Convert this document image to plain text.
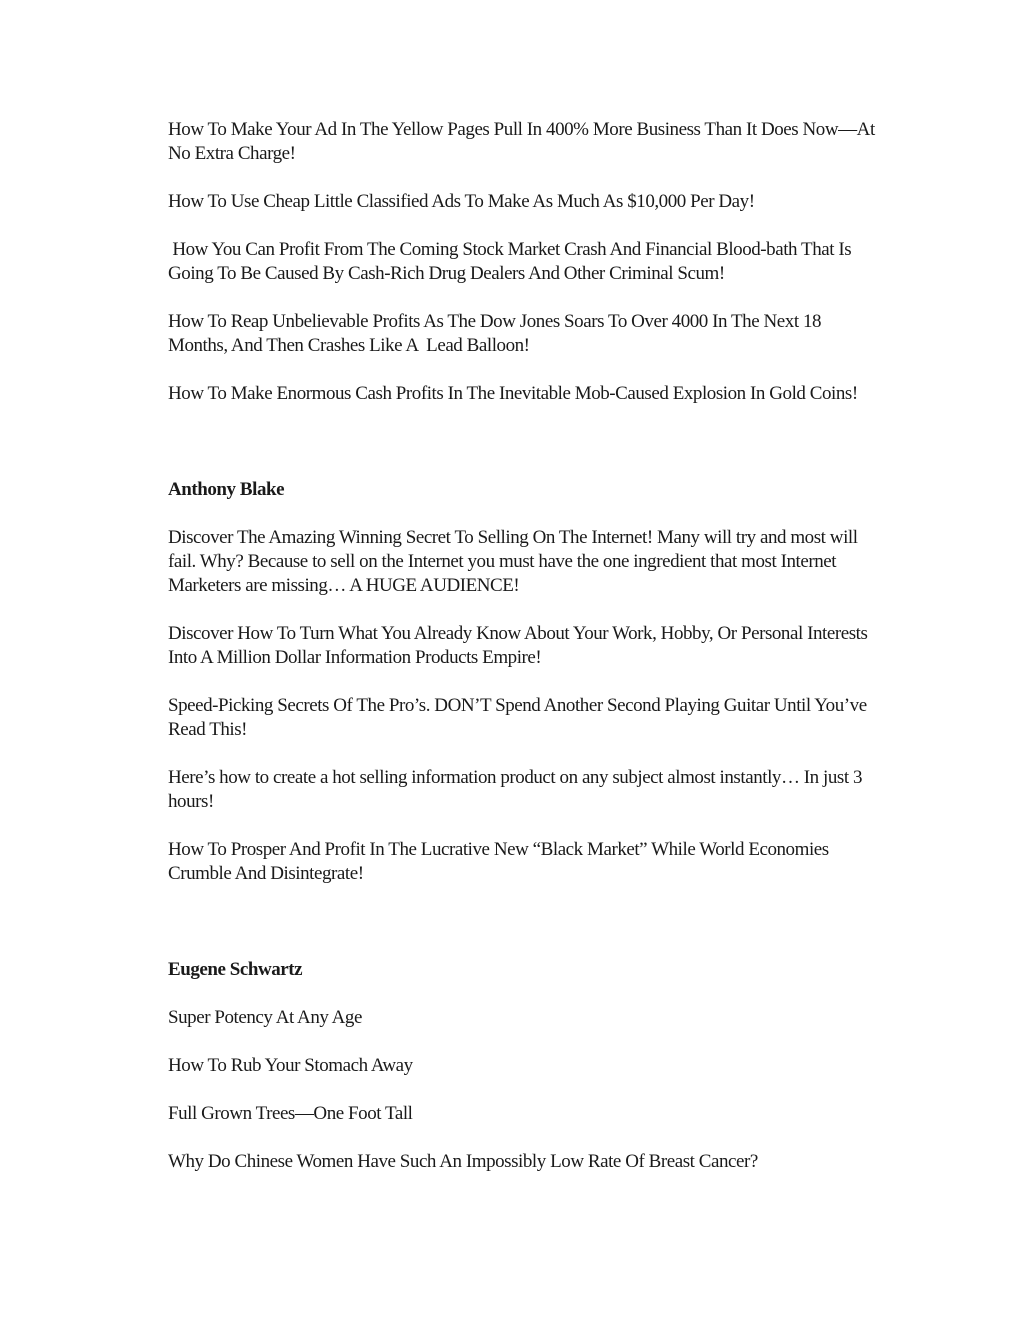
How To Make Your Ad In The Yellow Pages Pull In 400% More Business Than It Does Now—At No Extra Charge!

How To Use Cheap Little Classified Ads To Make As Much As $10,000 Per Day!

How You Can Profit From The Coming Stock Market Crash And Financial Blood-bath That Is Going To Be Caused By Cash-Rich Drug Dealers And Other Criminal Scum!

How To Reap Unbelievable Profits As The Dow Jones Soars To Over 4000 In The Next 18 Months, And Then Crashes Like A  Lead Balloon!

How To Make Enormous Cash Profits In The Inevitable Mob-Caused Explosion In Gold Coins!

Anthony Blake

Discover The Amazing Winning Secret To Selling On The Internet! Many will try and most will fail. Why? Because to sell on the Internet you must have the one ingredient that most Internet Marketers are missing… A HUGE AUDIENCE!

Discover How To Turn What You Already Know About Your Work, Hobby, Or Personal Interests Into A Million Dollar Information Products Empire!

Speed-Picking Secrets Of The Pro’s. DON’T Spend Another Second Playing Guitar Until You’ve Read This!

Here’s how to create a hot selling information product on any subject almost instantly… In just 3 hours!

How To Prosper And Profit In The Lucrative New “Black Market” While World Economies Crumble And Disintegrate!

Eugene Schwartz

Super Potency At Any Age

How To Rub Your Stomach Away

Full Grown Trees—One Foot Tall

Why Do Chinese Women Have Such An Impossibly Low Rate Of Breast Cancer?
